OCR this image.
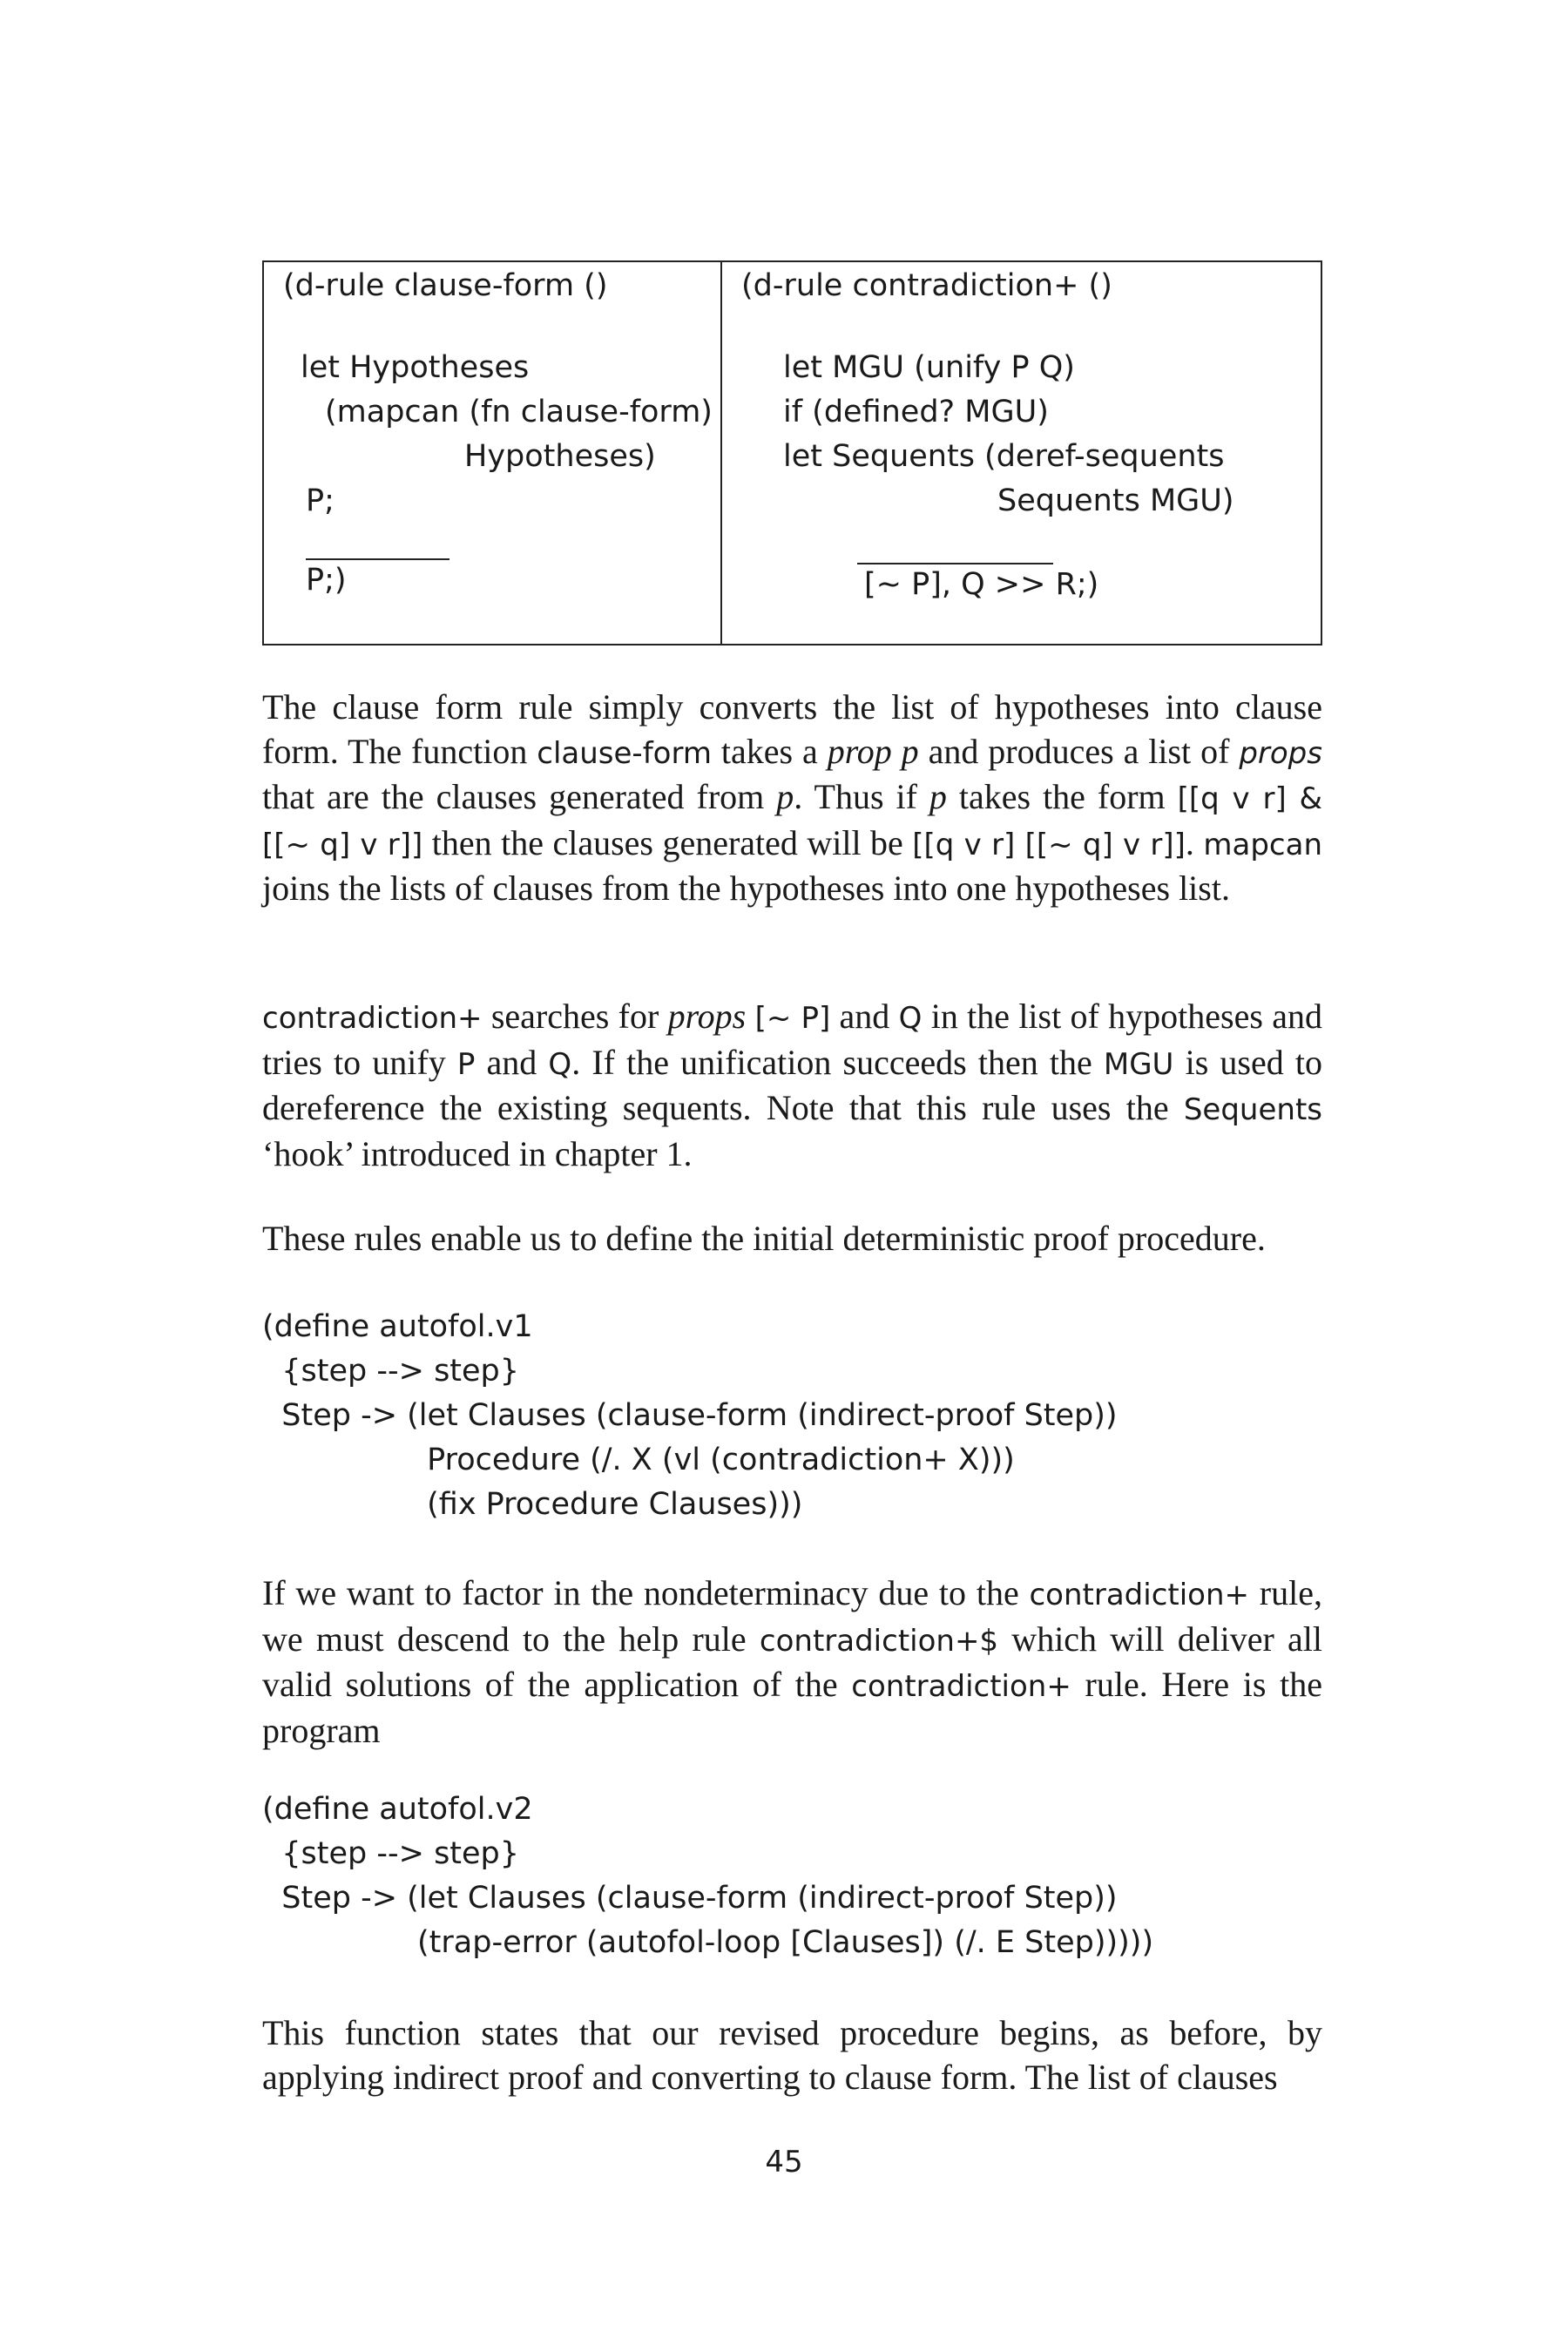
(d-rule clause-form ()
let Hypotheses
(mapcan (fn clause-form)
Hypotheses)
P;
P;)
(d-rule contradiction+ ()
let MGU (unify P Q)
if (defined? MGU)
let Sequents (deref-sequents
Sequents MGU)
[~ P], Q >> R;)

The clause form rule simply converts the list of hypotheses into clause form. The function clause-form takes a prop p and produces a list of props that are the clauses generated from p. Thus if p takes the form [[q v r] & [[~ q] v r]] then the clauses generated will be [[q v r] [[~ q] v r]]. mapcan joins the lists of clauses from the hypotheses into one hypotheses list.

contradiction+ searches for props [~ P] and Q in the list of hypotheses and tries to unify P and Q. If the unification succeeds then the MGU is used to dereference the existing sequents. Note that this rule uses the Sequents ‘hook’ introduced in chapter 1.

These rules enable us to define the initial deterministic proof procedure.

(define autofol.v1
{step --> step}
Step -> (let Clauses (clause-form (indirect-proof Step))
Procedure (/. X (vl (contradiction+ X)))
(fix Procedure Clauses)))

If we want to factor in the nondeterminacy due to the contradiction+ rule, we must descend to the help rule contradiction+$ which will deliver all valid solutions of the application of the contradiction+ rule. Here is the program

(define autofol.v2
{step --> step}
Step -> (let Clauses (clause-form (indirect-proof Step))
(trap-error (autofol-loop [Clauses]) (/. E Step)))))

This function states that our revised procedure begins, as before, by applying indirect proof and converting to clause form. The list of clauses

45
